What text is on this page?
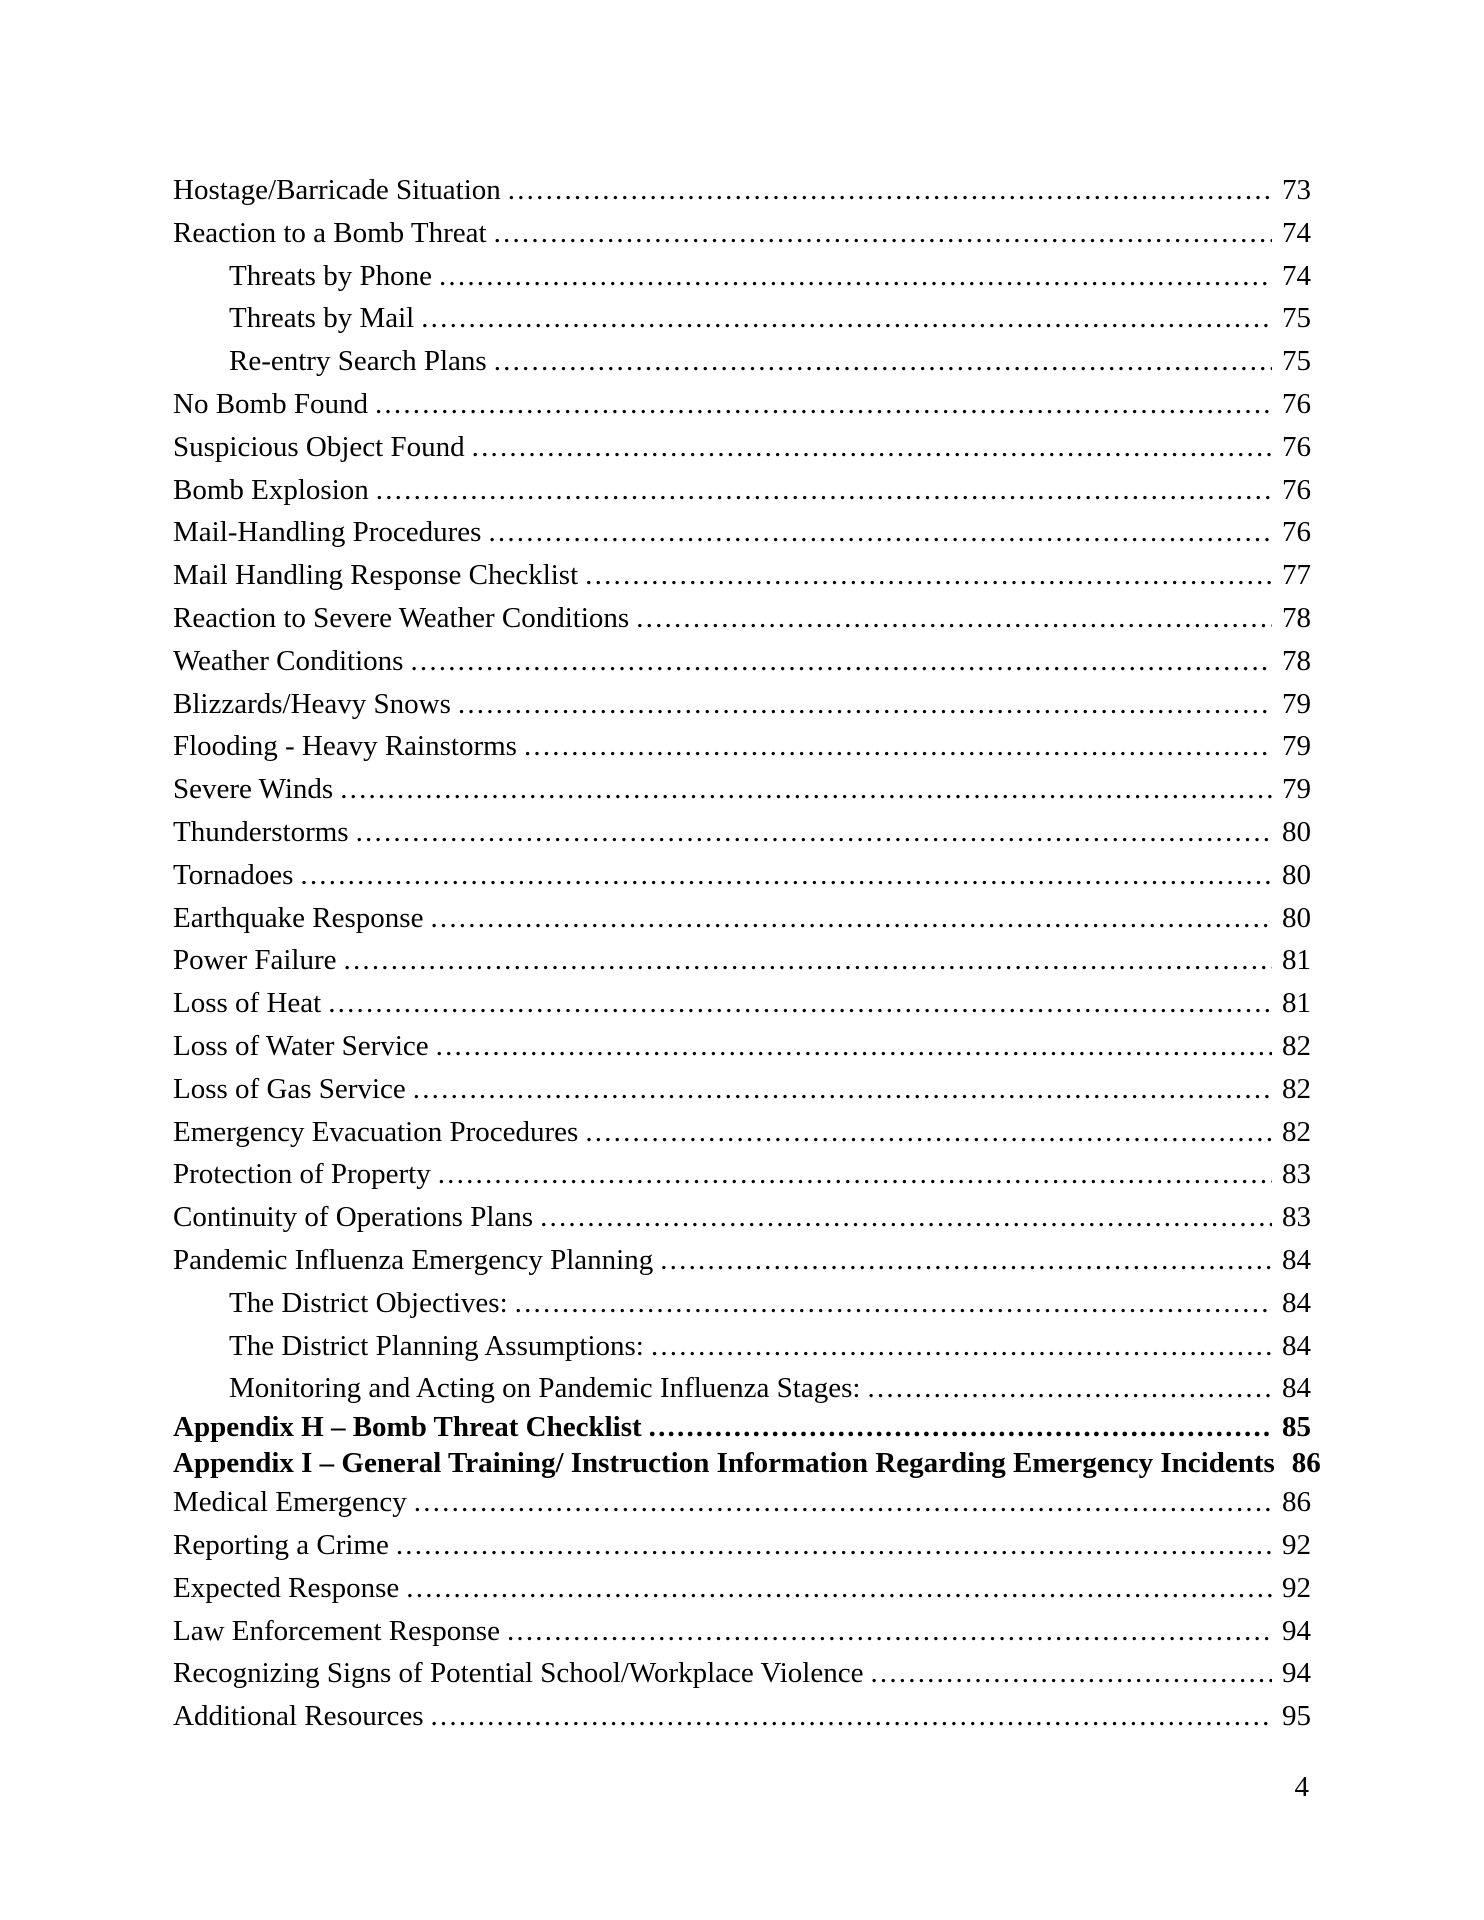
Hostage/Barricade Situation .....	73
Reaction to a Bomb Threat .....	74
Threats by Phone .....	74
Threats by Mail .....	75
Re-entry Search Plans .....	75
No Bomb Found .....	76
Suspicious Object Found .....	76
Bomb Explosion .....	76
Mail-Handling Procedures .....	76
Mail Handling Response Checklist .....	77
Reaction to Severe Weather Conditions .....	78
Weather Conditions .....	78
Blizzards/Heavy Snows .....	79
Flooding - Heavy Rainstorms .....	79
Severe Winds .....	79
Thunderstorms .....	80
Tornadoes .....	80
Earthquake Response .....	80
Power Failure .....	81
Loss of Heat .....	81
Loss of Water Service .....	82
Loss of Gas Service .....	82
Emergency Evacuation Procedures .....	82
Protection of Property .....	83
Continuity of Operations Plans .....	83
Pandemic Influenza Emergency Planning .....	84
The District Objectives: .....	84
The District Planning Assumptions: .....	84
Monitoring and Acting on Pandemic Influenza Stages: .....	84
Appendix H – Bomb Threat Checklist .....	85
Appendix I – General Training/ Instruction Information Regarding Emergency Incidents 86
Medical Emergency .....	86
Reporting a Crime .....	92
Expected Response .....	92
Law Enforcement Response .....	94
Recognizing Signs of Potential School/Workplace Violence .....	94
Additional Resources .....	95
4
